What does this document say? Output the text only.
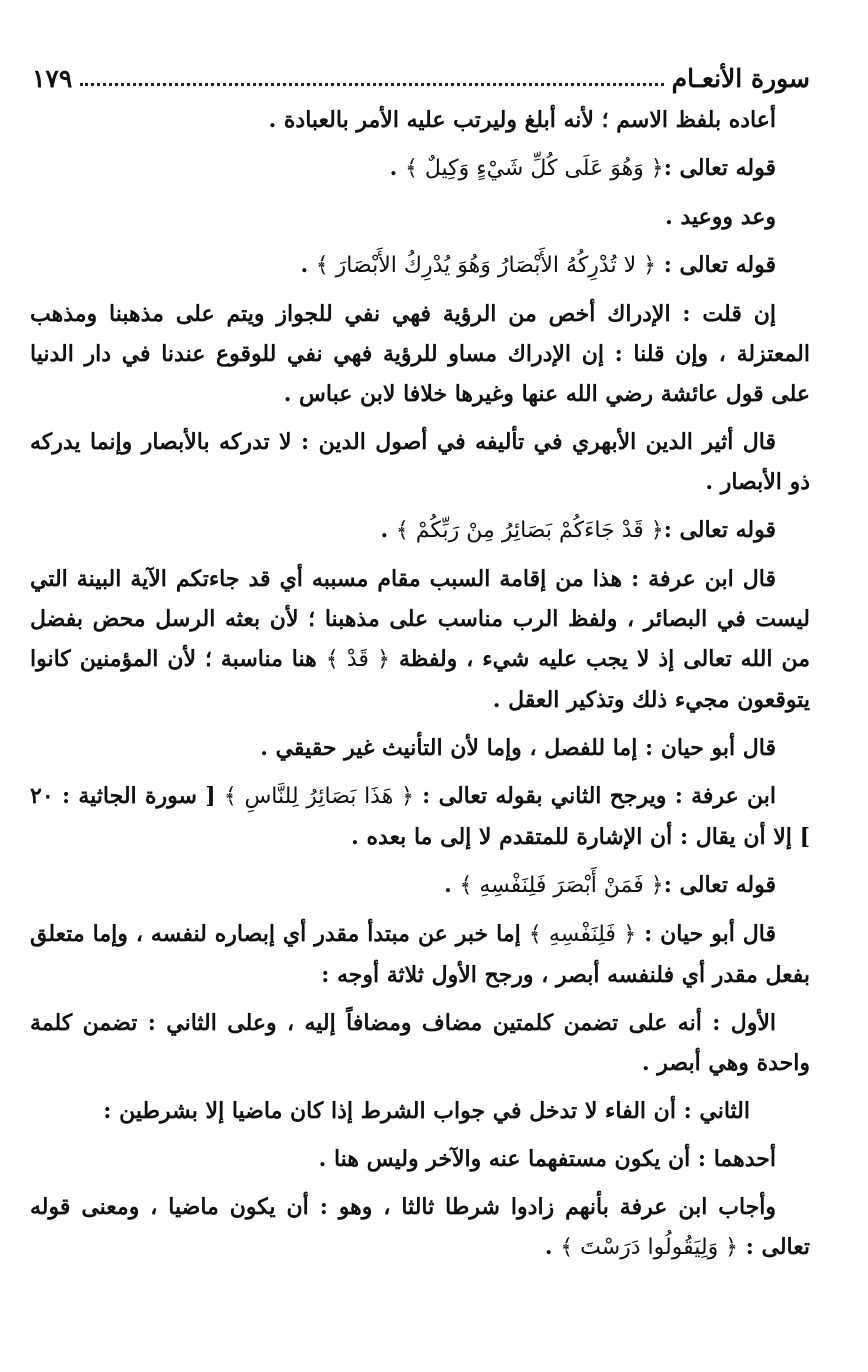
سورة الأنعـام
١٧٩

أعاده بلفظ الاسم ؛ لأنه أبلغ وليرتب عليه الأمر بالعبادة .

قوله تعالى :﴿ وَهُوَ عَلَى كُلِّ شَيْءٍ وَكِيلٌ ﴾ .

وعد ووعيد .

قوله تعالى : ﴿ لا تُدْرِكُهُ الأَبْصَارُ وَهُوَ يُدْرِكُ الأَبْصَارَ ﴾ .

إن قلت : الإدراك أخص من الرؤية فهي نفي للجواز ويتم على مذهبنا ومذهب المعتزلة ، وإن قلنا : إن الإدراك مساو للرؤية فهي نفي للوقوع عندنا في دار الدنيا على قول عائشة رضي الله عنها وغيرها خلافا لابن عباس .

قال أثير الدين الأبهري في تأليفه في أصول الدين : لا تدركه بالأبصار وإنما يدركه ذو الأبصار .

قوله تعالى :﴿ قَدْ جَاءَكُمْ بَصَائِرُ مِنْ رَبِّكُمْ ﴾ .

قال ابن عرفة : هذا من إقامة السبب مقام مسببه أي قد جاءتكم الآية البينة التي ليست في البصائر ، ولفظ الرب مناسب على مذهبنا ؛ لأن بعثه الرسل محض بفضل من الله تعالى إذ لا يجب عليه شيء ، ولفظة ﴿ قَدْ ﴾ هنا مناسبة ؛ لأن المؤمنين كانوا يتوقعون مجيء ذلك وتذكير العقل .

قال أبو حيان : إما للفصل ، وإما لأن التأنيث غير حقيقي .

ابن عرفة : ويرجح الثاني بقوله تعالى : ﴿ هَذَا بَصَائِرُ لِلنَّاسِ ﴾ [ سورة الجاثية : ٢٠ ] إلا أن يقال : أن الإشارة للمتقدم لا إلى ما بعده .

قوله تعالى :﴿ فَمَنْ أَبْصَرَ فَلِنَفْسِهِ ﴾ .

قال أبو حيان : ﴿ فَلِنَفْسِهِ ﴾ إما خبر عن مبتدأ مقدر أي إبصاره لنفسه ، وإما متعلق بفعل مقدر أي فلنفسه أبصر ، ورجح الأول ثلاثة أوجه :

الأول : أنه على تضمن كلمتين مضاف ومضافاً إليه ، وعلى الثاني : تضمن كلمة واحدة وهي أبصر .

الثاني : أن الفاء لا تدخل في جواب الشرط إذا كان ماضيا إلا بشرطين :

أحدهما : أن يكون مستفهما عنه والآخر وليس هنا .

وأجاب ابن عرفة بأنهم زادوا شرطا ثالثا ، وهو : أن يكون ماضيا ، ومعنى قوله تعالى : ﴿ وَلِيَقُولُوا دَرَسْتَ ﴾ .
